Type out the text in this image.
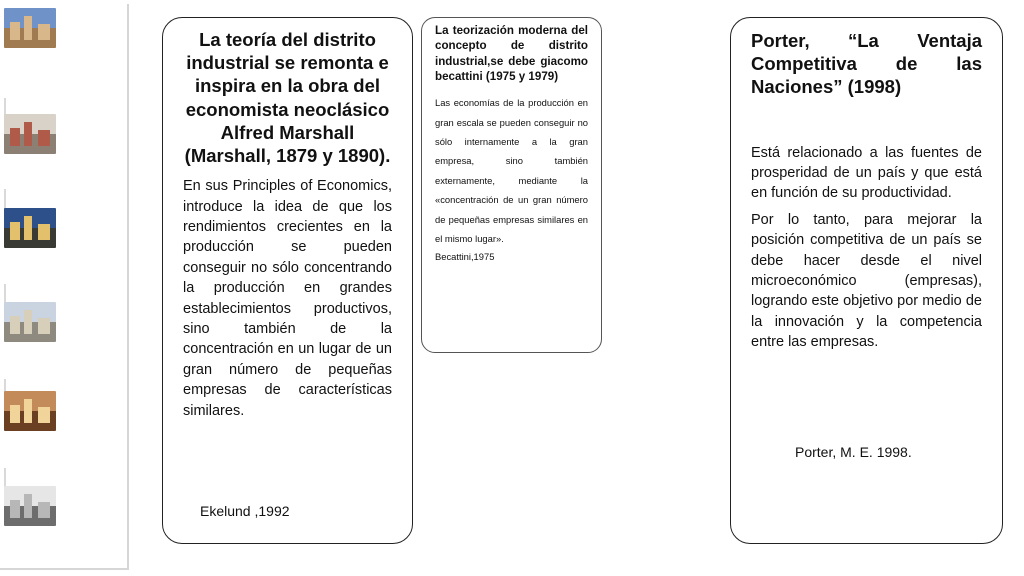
La teoría del distrito industrial se remonta e inspira en la obra del economista neoclásico Alfred Marshall (Marshall, 1879 y 1890).

En sus Principles of Economics, introduce la idea de que los rendimientos crecientes en la producción se pueden conseguir no sólo concentrando la producción en grandes establecimientos productivos, sino también de la concentración en un lugar de un gran número de pequeñas empresas de características similares.

Ekelund ,1992

La teorización moderna del concepto de distrito industrial,se debe giacomo becattini (1975 y 1979)

Las economías de la producción en gran escala se pueden conseguir no sólo internamente a la gran empresa, sino también externamente, mediante la «concentración de un gran número de pequeñas empresas similares en el mismo lugar».

Becattini,1975

Porter, “La Ventaja Competitiva de las Naciones” (1998)

Está relacionado a las fuentes de prosperidad de un país y que está en función de su productividad.

Por lo tanto, para mejorar la posición competitiva de un país se debe hacer desde el nivel microeconómico (empresas), logrando este objetivo por medio de la innovación y la competencia entre las empresas.

Porter, M. E. 1998.
